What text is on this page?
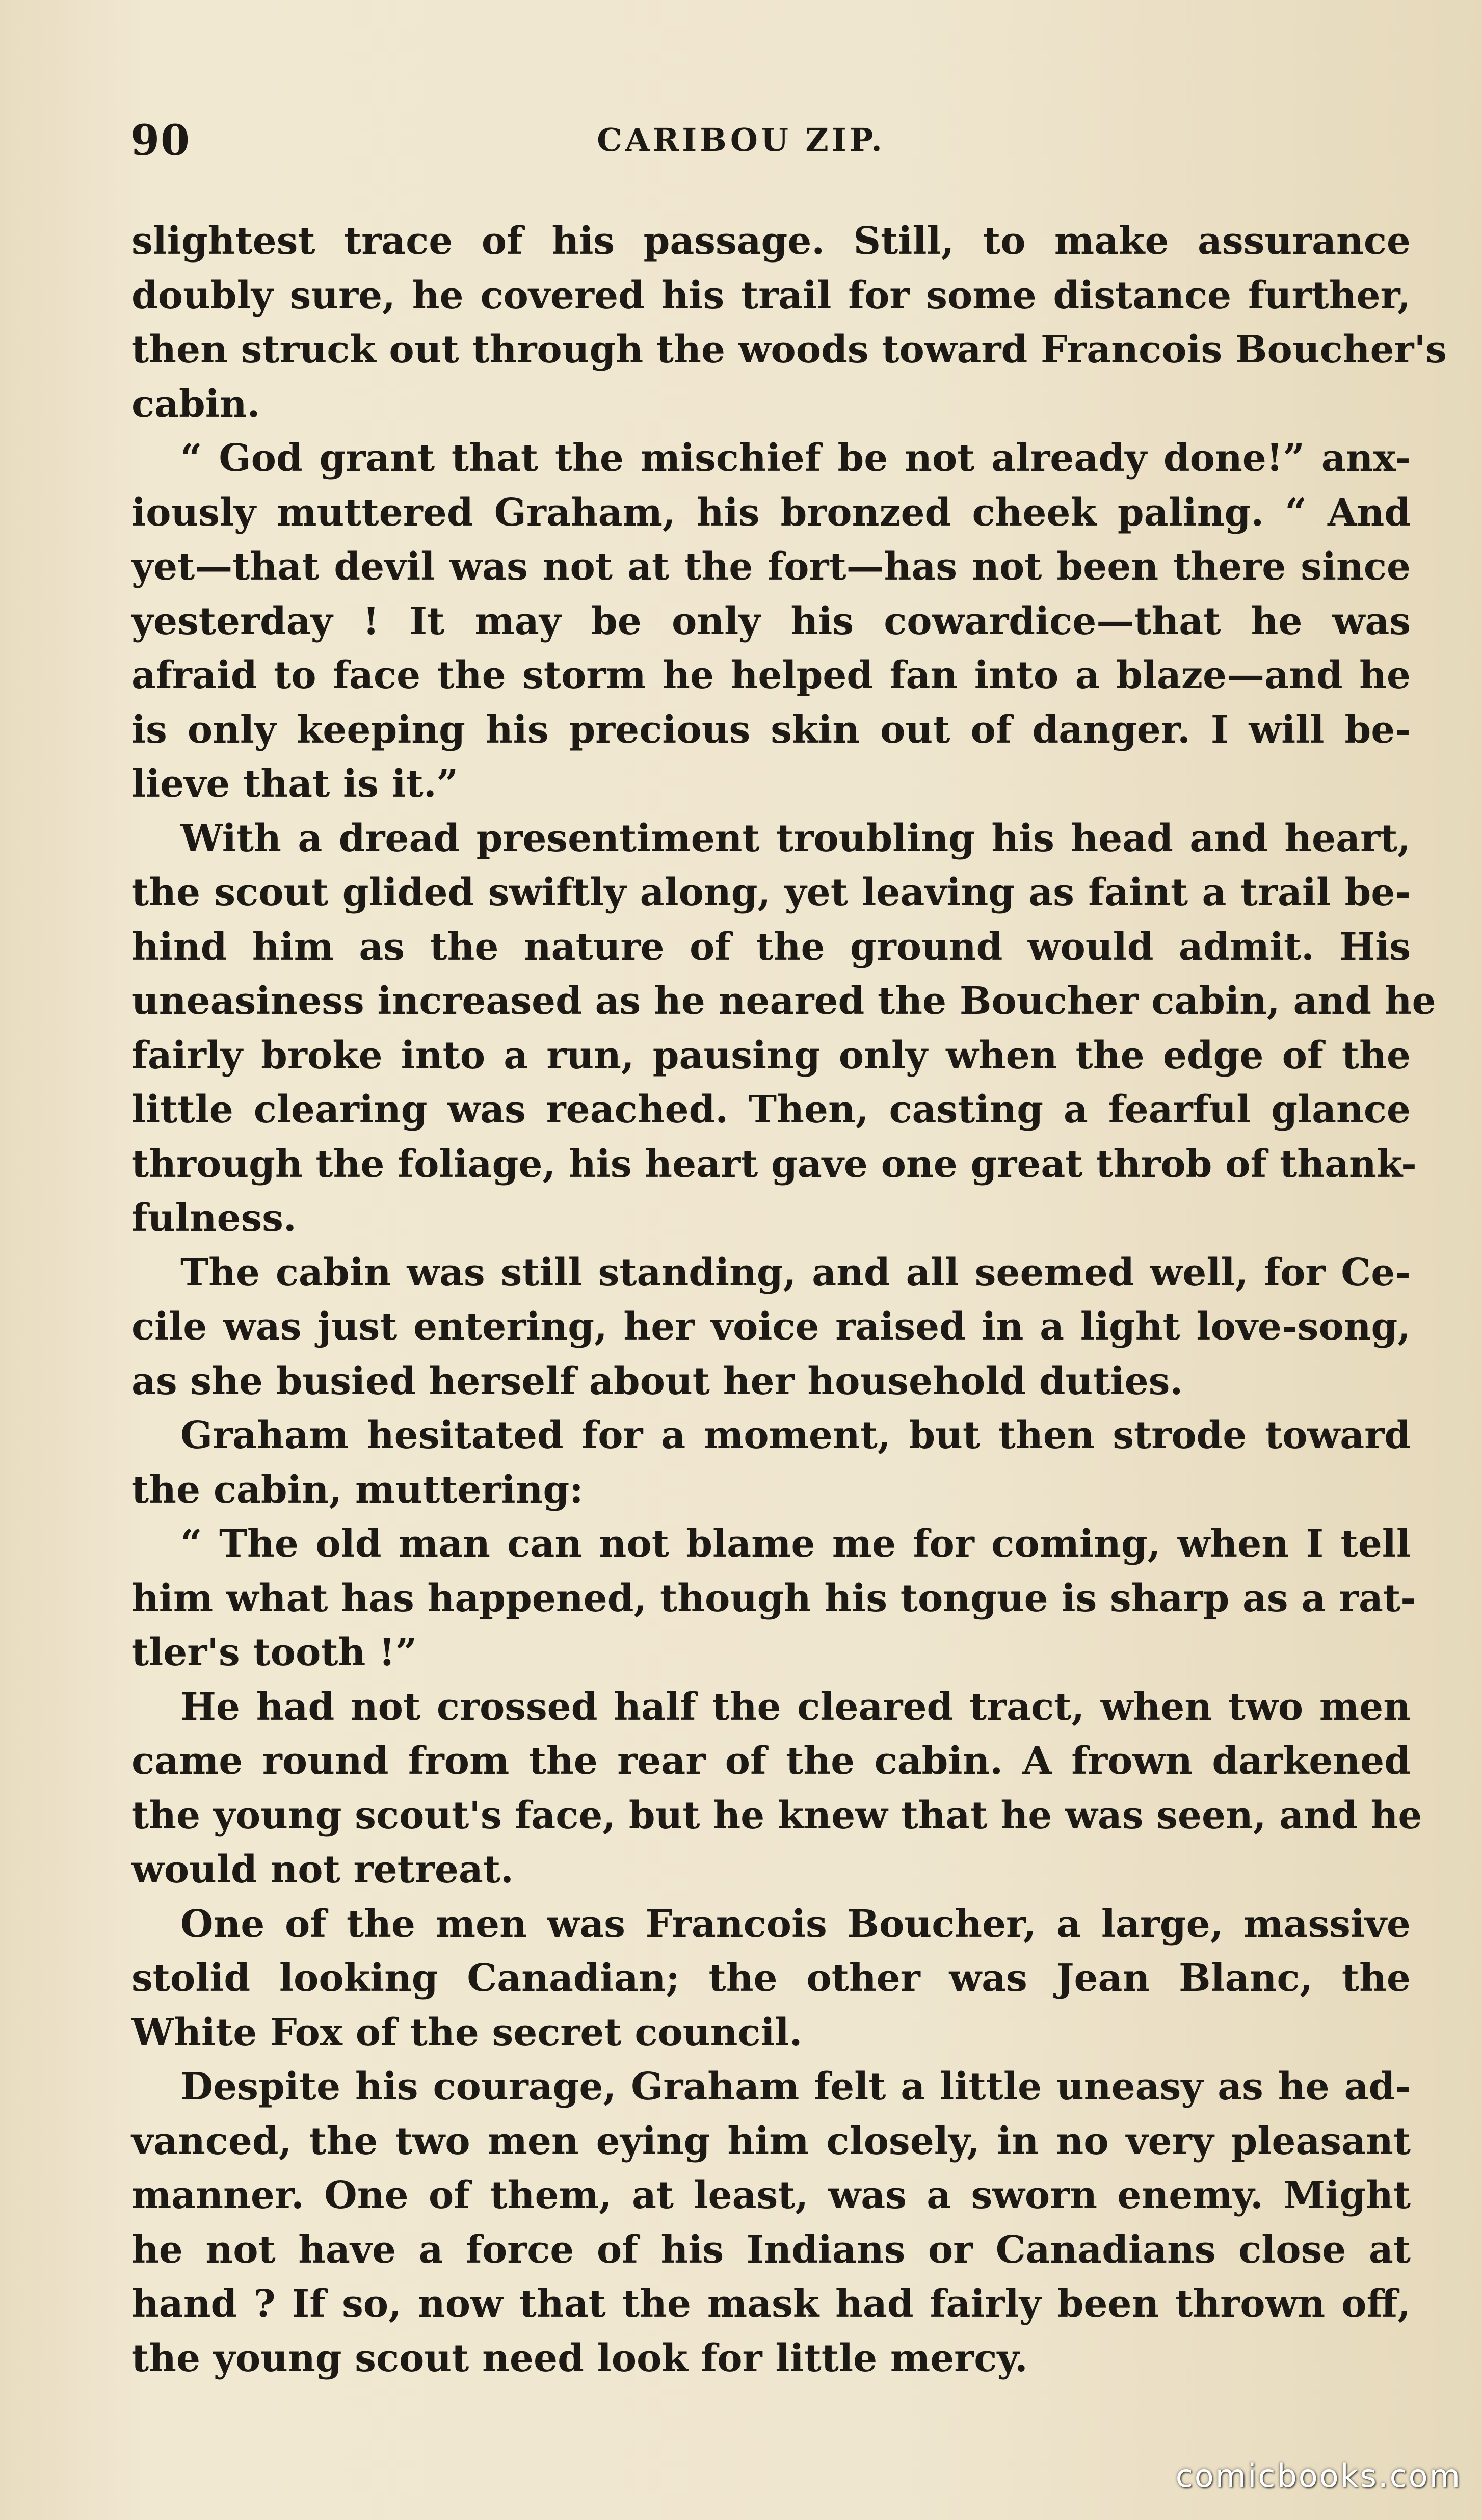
90	CARIBOU ZIP.
slightest trace of his passage. Still, to make assurance
doubly sure, he covered his trail for some distance further,
then struck out through the woods toward Francois Boucher's
cabin.
“ God grant that the mischief be not already done!” anx-
iously muttered Graham, his bronzed cheek paling. “ And
yet—that devil was not at the fort—has not been there since
yesterday ! It may be only his cowardice—that he was
afraid to face the storm he helped fan into a blaze—and he
is only keeping his precious skin out of danger. I will be-
lieve that is it.”
With a dread presentiment troubling his head and heart,
the scout glided swiftly along, yet leaving as faint a trail be-
hind him as the nature of the ground would admit. His
uneasiness increased as he neared the Boucher cabin, and he
fairly broke into a run, pausing only when the edge of the
little clearing was reached. Then, casting a fearful glance
through the foliage, his heart gave one great throb of thank-
fulness.
The cabin was still standing, and all seemed well, for Ce-
cile was just entering, her voice raised in a light love-song,
as she busied herself about her household duties.
Graham hesitated for a moment, but then strode toward
the cabin, muttering:
“ The old man can not blame me for coming, when I tell
him what has happened, though his tongue is sharp as a rat-
tler's tooth !”
He had not crossed half the cleared tract, when two men
came round from the rear of the cabin. A frown darkened
the young scout's face, but he knew that he was seen, and he
would not retreat.
One of the men was Francois Boucher, a large, massive
stolid looking Canadian; the other was Jean Blanc, the
White Fox of the secret council.
Despite his courage, Graham felt a little uneasy as he ad-
vanced, the two men eying him closely, in no very pleasant
manner. One of them, at least, was a sworn enemy. Might
he not have a force of his Indians or Canadians close at
hand ? If so, now that the mask had fairly been thrown off,
the young scout need look for little mercy.
comicbooks.com
